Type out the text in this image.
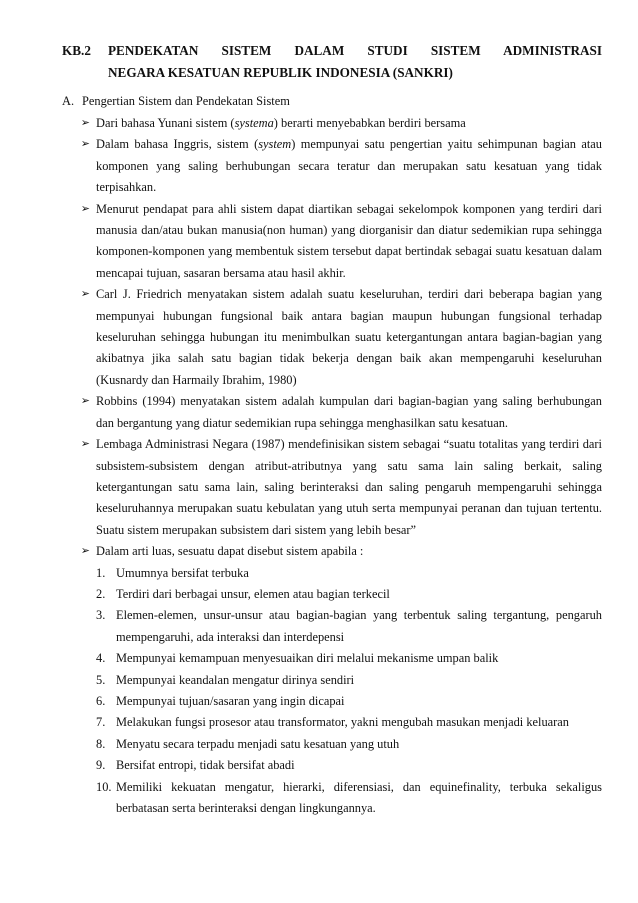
KB.2	PENDEKATAN SISTEM DALAM STUDI SISTEM ADMINISTRASI
NEGARA KESATUAN REPUBLIK INDONESIA (SANKRI)
A. Pengertian Sistem dan Pendekatan Sistem
➢ Dari bahasa Yunani sistem (systema) berarti menyebabkan berdiri bersama
➢ Dalam bahasa Inggris, sistem (system) mempunyai satu pengertian yaitu sehimpunan bagian atau komponen yang saling berhubungan secara teratur dan merupakan satu kesatuan yang tidak terpisahkan.
➢ Menurut pendapat para ahli sistem dapat diartikan sebagai sekelompok komponen yang terdiri dari manusia dan/atau bukan manusia(non human) yang diorganisir dan diatur sedemikian rupa sehingga komponen-komponen yang membentuk sistem tersebut dapat bertindak sebagai suatu kesatuan dalam mencapai tujuan, sasaran bersama atau hasil akhir.
➢ Carl J. Friedrich menyatakan sistem adalah suatu keseluruhan, terdiri dari beberapa bagian yang mempunyai hubungan fungsional baik antara bagian maupun hubungan fungsional terhadap keseluruhan sehingga hubungan itu menimbulkan suatu ketergantungan antara bagian-bagian yang akibatnya jika salah satu bagian tidak bekerja dengan baik akan mempengaruhi keseluruhan (Kusnardy dan Harmaily Ibrahim, 1980)
➢ Robbins (1994) menyatakan sistem adalah kumpulan dari bagian-bagian yang saling berhubungan dan bergantung yang diatur sedemikian rupa sehingga menghasilkan satu kesatuan.
➢ Lembaga Administrasi Negara (1987) mendefinisikan sistem sebagai “suatu totalitas yang terdiri dari subsistem-subsistem dengan atribut-atributnya yang satu sama lain saling berkait, saling ketergantungan satu sama lain, saling berinteraksi dan saling pengaruh mempengaruhi sehingga keseluruhannya merupakan suatu kebulatan yang utuh serta mempunyai peranan dan tujuan tertentu. Suatu sistem merupakan subsistem dari sistem yang lebih besar”
➢ Dalam arti luas, sesuatu dapat disebut sistem apabila :
1. Umumnya bersifat terbuka
2. Terdiri dari berbagai unsur, elemen atau bagian terkecil
3. Elemen-elemen, unsur-unsur atau bagian-bagian yang terbentuk saling tergantung, pengaruh mempengaruhi, ada interaksi dan interdepensi
4. Mempunyai kemampuan menyesuaikan diri melalui mekanisme umpan balik
5. Mempunyai keandalan mengatur dirinya sendiri
6. Mempunyai tujuan/sasaran yang ingin dicapai
7. Melakukan fungsi prosesor atau transformator, yakni mengubah masukan menjadi keluaran
8. Menyatu secara terpadu menjadi satu kesatuan yang utuh
9. Bersifat entropi, tidak bersifat abadi
10. Memiliki kekuatan mengatur, hierarki, diferensiasi, dan equinefinality, terbuka sekaligus berbatasan serta berinteraksi dengan lingkungannya.
